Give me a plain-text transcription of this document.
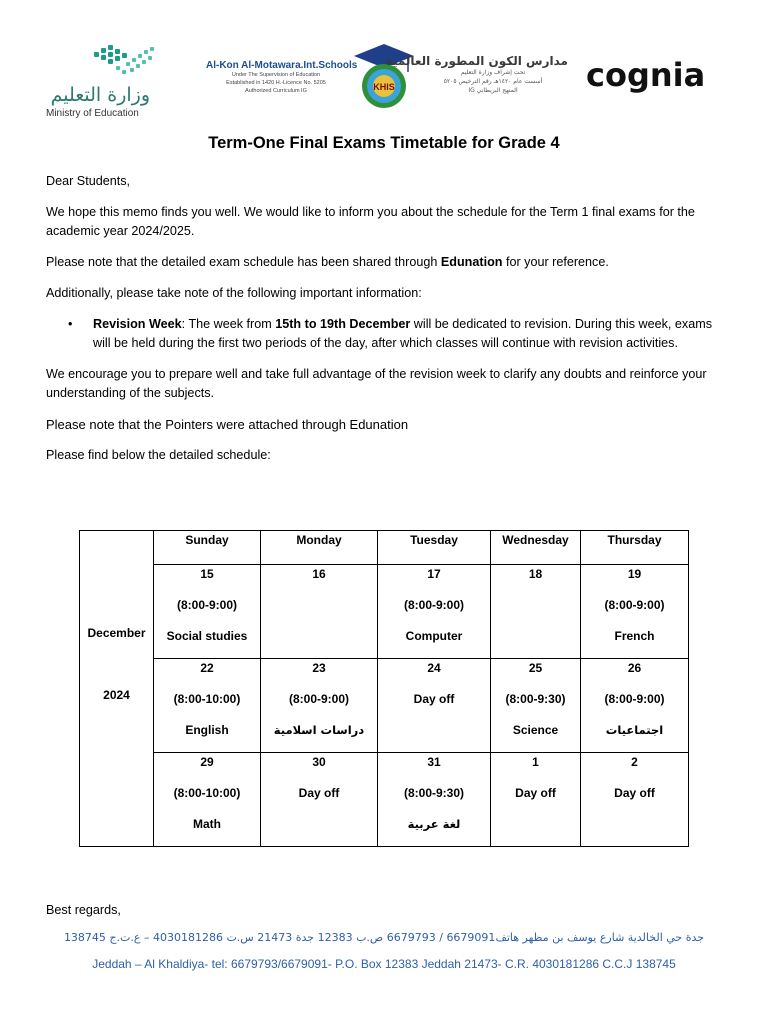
وزارة التعليم
Ministry of Education
Al-Kon Al-Motawara.Int.Schools
Under The Supervision of Education
Established in 1420 H.-Licence No. 5205
Authorized Curriculum IG	KHIS
مدارس الكون المطورة العالمية
تحت إشراف وزارة التعليم
أسست عام ١٤٢٠هـ رقم الترخيص ٥٢٠٥
المنهج البريطاني IG	cognia
Term-One Final Exams Timetable for Grade 4

Dear Students,

We hope this memo finds you well. We would like to inform you about the schedule for the Term 1 final exams for the academic year 2024/2025.

Please note that the detailed exam schedule has been shared through Edunation for your reference.

Additionally, please take note of the following important information:

• Revision Week: The week from 15th to 19th December will be dedicated to revision. During this week, exams will be held during the first two periods of the day, after which classes will continue with revision activities.

We encourage you to prepare well and take full advantage of the revision week to clarify any doubts and reinforce your understanding of the subjects.

Please note that the Pointers were attached through Edunation

Please find below the detailed schedule:

December
2024	Sunday	Monday	Tuesday	Wednesday	Thursday

	15
(8:00-9:00)
Social studies	16	17
(8:00-9:00)
Computer	18	19
(8:00-9:00)
French

	22
(8:00-10:00)
English	23
(8:00-9:00)
دراسات اسلامية	24
Day off	25
(8:00-9:30)
Science	26
(8:00-9:00)
اجتماعيات

	29
(8:00-10:00)
Math	30
Day off	31
(8:00-9:30)
لغة عربية	1
Day off	2
Day off
Best regards,
جدة حي الخالدية شارع يوسف بن مظهر هاتف6679091 / 6679793 ص.ب 12383 جدة 21473 س.ت 4030181286 – ع.ت.ج 138745
Jeddah – Al Khaldiya- tel: 6679793/6679091- P.O. Box 12383 Jeddah 21473- C.R. 4030181286 C.C.J 138745
